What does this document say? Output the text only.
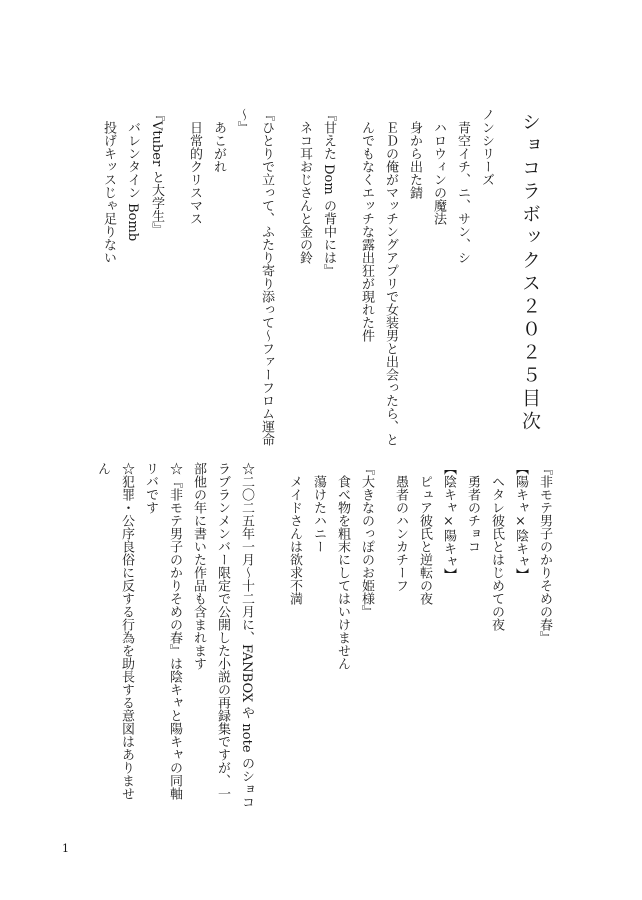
ショコラボックス２０２５目次
ノンシリーズ
　青空イチ、ニ、サン、シ
　ハロウィンの魔法
　身から出た錆
　ＥＤの俺がマッチングアプリで女装男と出会ったら、と
　んでもなくエッチな露出狂が現れた件
『甘えた Dom の背中には』
　ネコ耳おじさんと金の鈴
『ひとりで立って、ふたり寄り添って〜ファーフロム運命
〜』
　あこがれ
　日常的クリスマス
『Vtuber と大学生』
　バレンタイン Bomb
　投げキッスじゃ足りない
『非モテ男子のかりそめの春』
【陽キャ×陰キャ】
　ヘタレ彼氏とはじめての夜
　勇者のチョコ
【陰キャ×陽キャ】
　ピュア彼氏と逆転の夜
　愚者のハンカチーフ
『大きなのっぽのお姫様』
　食べ物を粗末にしてはいけません
　蕩けたハニー
　メイドさんは欲求不満
☆二〇二五年一月〜十二月に、FANBOX や note のショコ
ラブランメンバー限定で公開した小説の再録集ですが、一
部他の年に書いた作品も含まれます
☆『非モテ男子のかりそめの春』は陰キャと陽キャの同軸
リバです
☆犯罪・公序良俗に反する行為を助長する意図はありませ
ん
1
